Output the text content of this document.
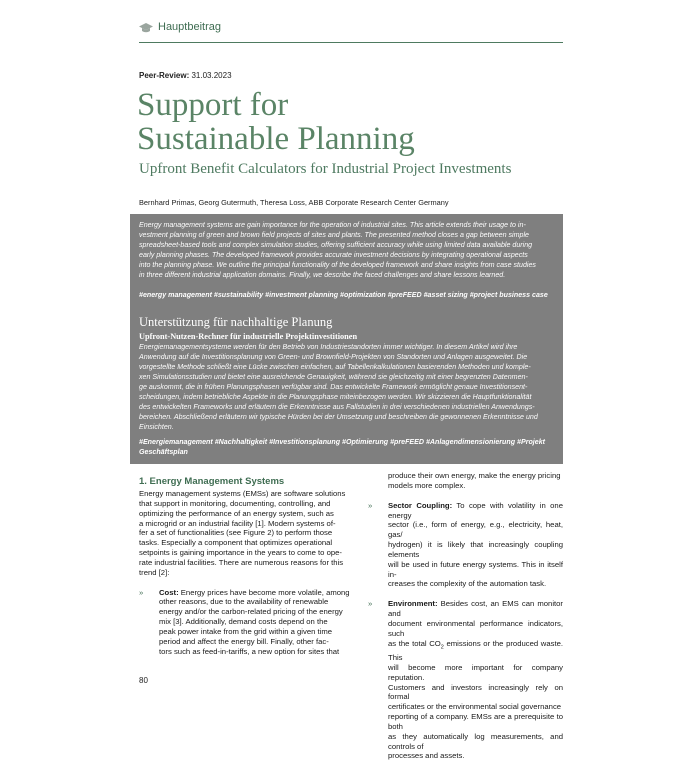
Hauptbeitrag
Peer-Review: 31.03.2023
Support for
Sustainable Planning
Upfront Benefit Calculators for Industrial Project Investments
Bernhard Primas, Georg Gutermuth, Theresa Loss, ABB Corporate Research Center Germany
Energy management systems are gain importance for the operation of industrial sites. This article extends their usage to in-
vestment planning of green and brown field projects of sites and plants. The presented method closes a gap between simple
spreadsheet-based tools and complex simulation studies, offering sufficient accuracy while using limited data available during
early planning phases. The developed framework provides accurate investment decisions by integrating operational aspects
into the planning phase. We outline the principal functionality of the developed framework and share insights from case studies
in three different industrial application domains. Finally, we describe the faced challenges and share lessons learned.
#energy management #sustainability #investment planning #optimization #preFEED #asset sizing #project business case
Unterstützung für nachhaltige Planung
Upfront-Nutzen-Rechner für industrielle Projektinvestitionen
Energiemanagementsysteme werden für den Betrieb von Industriestandorten immer wichtiger. In diesem Artikel wird ihre
Anwendung auf die Investitionsplanung von Green- und Brownfield-Projekten von Standorten und Anlagen ausgeweitet. Die
vorgestellte Methode schließt eine Lücke zwischen einfachen, auf Tabellenkalkulationen basierenden Methoden und komple-
xen Simulationsstudien und bietet eine ausreichende Genauigkeit, während sie gleichzeitig mit einer begrenzten Datenmen-
ge auskommt, die in frühen Planungsphasen verfügbar sind. Das entwickelte Framework ermöglicht genaue Investitionsent-
scheidungen, indem betriebliche Aspekte in die Planungsphase miteinbezogen werden. Wir skizzieren die Hauptfunktionalität
des entwickelten Frameworks und erläutern die Erkenntnisse aus Fallstudien in drei verschiedenen industriellen Anwendungs-
bereichen. Abschließend erläutern wir typische Hürden bei der Umsetzung und beschreiben die gewonnenen Erkenntnisse und
Einsichten.
#Energiemanagement #Nachhaltigkeit #Investitionsplanung #Optimierung #preFEED #Anlagendimensionierung #Projekt
Geschäftsplan
1. Energy Management Systems
Energy management systems (EMSs) are software solutions
that support in monitoring, documenting, controlling, and
optimizing the performance of an energy system, such as
a microgrid or an industrial facility [1]. Modern systems of-
fer a set of functionalities (see Figure 2) to perform those
tasks. Especially a component that optimizes operational
setpoints is gaining importance in the years to come to ope-
rate industrial facilities. There are numerous reasons for this
trend [2]:
» Cost: Energy prices have become more volatile, among
other reasons, due to the availability of renewable
energy and/or the carbon-related pricing of the energy
mix [3]. Additionally, demand costs depend on the
peak power intake from the grid within a given time
period and affect the energy bill. Finally, other fac-
tors such as feed-in-tariffs, a new option for sites that
produce their own energy, make the energy pricing
models more complex.
» Sector Coupling: To cope with volatility in one energy
sector (i.e., form of energy, e.g., electricity, heat, gas/
hydrogen) it is likely that increasingly coupling elements
will be used in future energy systems. This in itself in-
creases the complexity of the automation task.
» Environment: Besides cost, an EMS can monitor and
document environmental performance indicators, such
as the total $CO_2$ emissions or the produced waste. This
will become more important for company reputation.
Customers and investors increasingly rely on formal
certificates or the environmental social governance
reporting of a company. EMSs are a prerequisite to both
as they automatically log measurements, and controls of
processes and assets.
80
